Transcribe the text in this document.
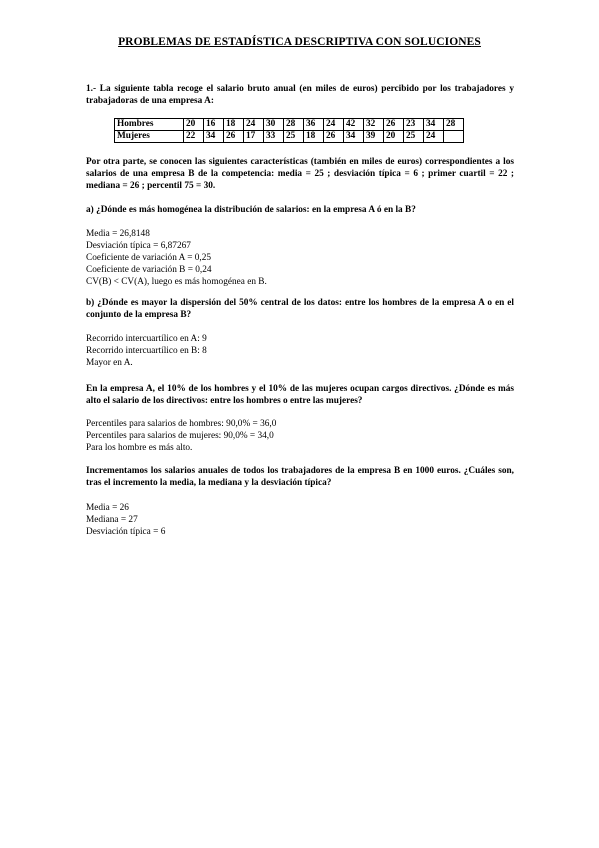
PROBLEMAS DE ESTADÍSTICA DESCRIPTIVA CON SOLUCIONES
1.- La siguiente tabla recoge el salario bruto anual (en miles de euros) percibido por los trabajadores y trabajadoras de una empresa A:
Hombres	20	16	18	24	30	28	36	24	42	32	26	23	34	28
Mujeres	22	34	26	17	33	25	18	26	34	39	20	25	24	
Por otra parte, se conocen las siguientes características (también en miles de euros) correspondientes a los salarios de una empresa B de la competencia: media = 25 ; desviación típica = 6 ; primer cuartil = 22 ; mediana = 26 ; percentil 75 = 30.
a) ¿Dónde es más homogénea la distribución de salarios: en la empresa A ó en la B?
Media = 26,8148
Desviación típica = 6,87267
Coeficiente de variación A = 0,25
Coeficiente de variación B = 0,24
CV(B) < CV(A), luego es más homogénea en B.
b) ¿Dónde es mayor la dispersión del 50% central de los datos: entre los hombres de la empresa A o en el conjunto de la empresa B?
Recorrido intercuartílico en A: 9
Recorrido intercuartílico en B: 8
Mayor en A.
En la empresa A, el 10% de los hombres y el 10% de las mujeres ocupan cargos directivos. ¿Dónde es más alto el salario de los directivos: entre los hombres o entre las mujeres?
Percentiles para salarios de hombres: 90,0% = 36,0
Percentiles para salarios de mujeres: 90,0% = 34,0
Para los hombre es más alto.
Incrementamos los salarios anuales de todos los trabajadores de la empresa B en 1000 euros. ¿Cuáles son, tras el incremento la media, la mediana y la desviación típica?
Media = 26
Mediana = 27
Desviación típica = 6
